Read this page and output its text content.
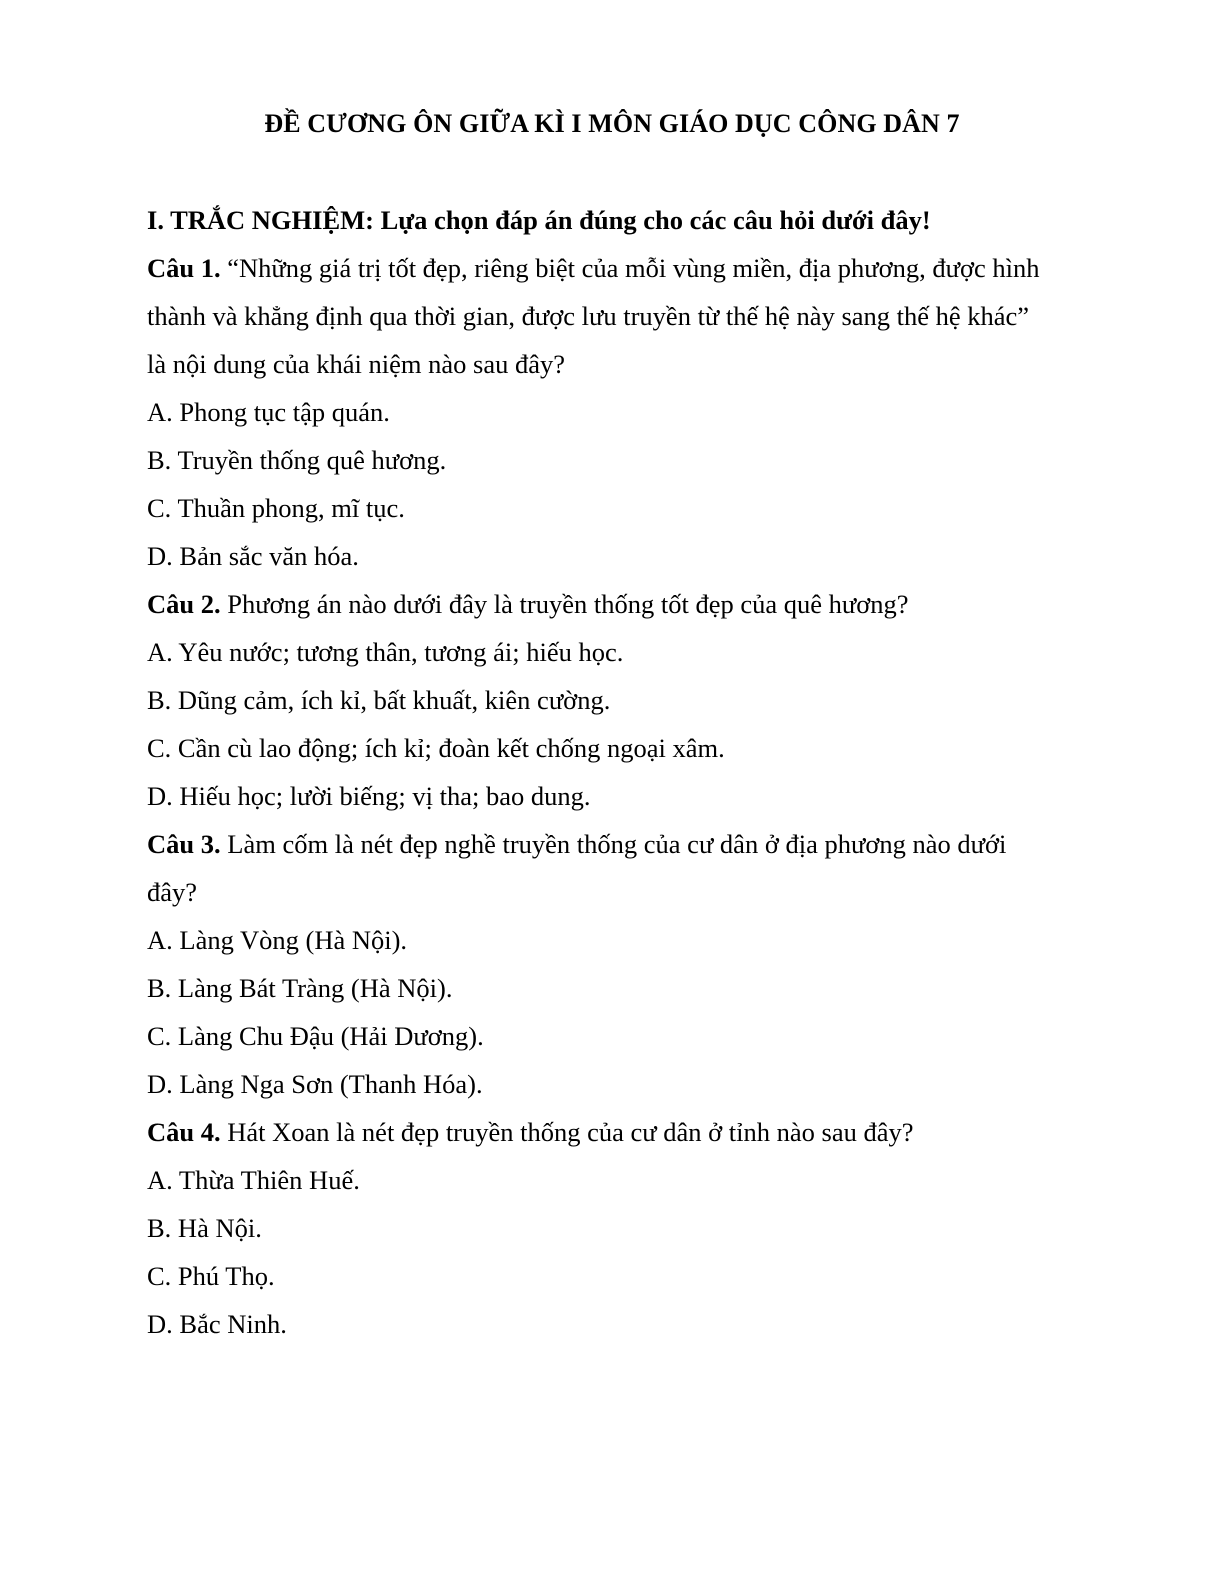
ĐỀ CƯƠNG ÔN GIỮA KÌ I MÔN GIÁO DỤC CÔNG DÂN 7
I. TRẮC NGHIỆM: Lựa chọn đáp án đúng cho các câu hỏi dưới đây!
Câu 1. “Những giá trị tốt đẹp, riêng biệt của mỗi vùng miền, địa phương, được hình
thành và khẳng định qua thời gian, được lưu truyền từ thế hệ này sang thế hệ khác”
là nội dung của khái niệm nào sau đây?
A. Phong tục tập quán.
B. Truyền thống quê hương.
C. Thuần phong, mĩ tục.
D. Bản sắc văn hóa.
Câu 2. Phương án nào dưới đây là truyền thống tốt đẹp của quê hương?
A. Yêu nước; tương thân, tương ái; hiếu học.
B. Dũng cảm, ích kỉ, bất khuất, kiên cường.
C. Cần cù lao động; ích kỉ; đoàn kết chống ngoại xâm.
D. Hiếu học; lười biếng; vị tha; bao dung.
Câu 3. Làm cốm là nét đẹp nghề truyền thống của cư dân ở địa phương nào dưới
đây?
A. Làng Vòng (Hà Nội).
B. Làng Bát Tràng (Hà Nội).
C. Làng Chu Đậu (Hải Dương).
D. Làng Nga Sơn (Thanh Hóa).
Câu 4. Hát Xoan là nét đẹp truyền thống của cư dân ở tỉnh nào sau đây?
A. Thừa Thiên Huế.
B. Hà Nội.
C. Phú Thọ.
D. Bắc Ninh.
